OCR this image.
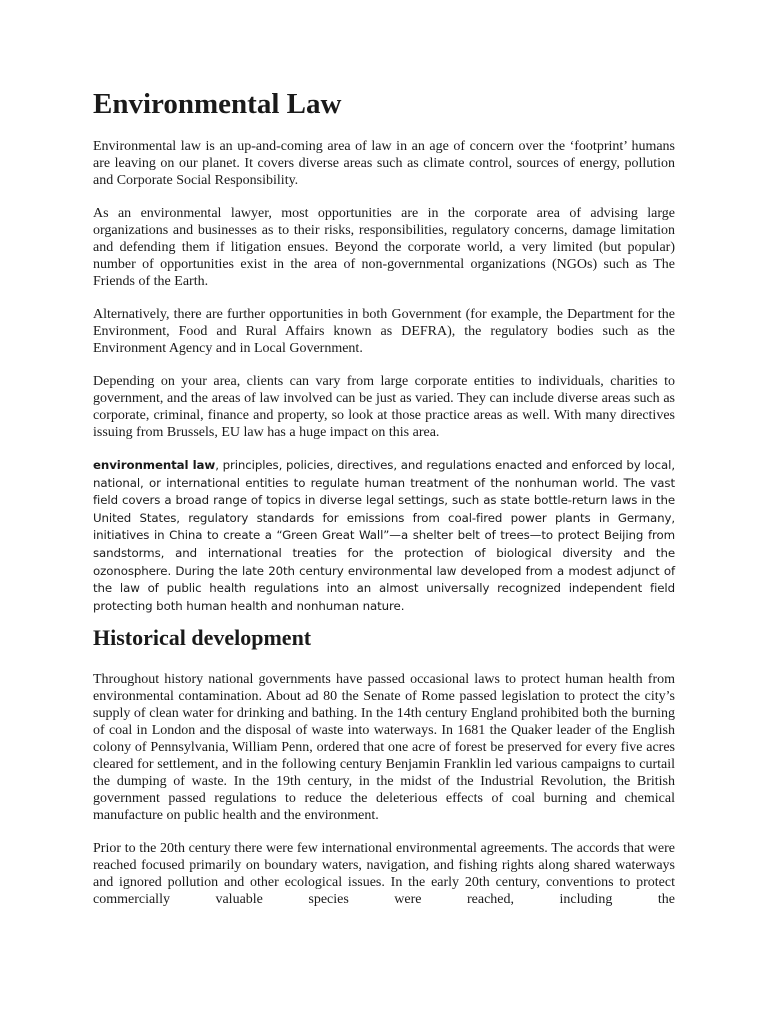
Environmental Law

Environmental law is an up-and-coming area of law in an age of concern over the ‘footprint’ humans are leaving on our planet. It covers diverse areas such as climate control, sources of energy, pollution and Corporate Social Responsibility.

As an environmental lawyer, most opportunities are in the corporate area of advising large organizations and businesses as to their risks, responsibilities, regulatory concerns, damage limitation and defending them if litigation ensues. Beyond the corporate world, a very limited (but popular) number of opportunities exist in the area of non-governmental organizations (NGOs) such as The Friends of the Earth.

Alternatively, there are further opportunities in both Government (for example, the Department for the Environment, Food and Rural Affairs known as DEFRA), the regulatory bodies such as the Environment Agency and in Local Government.

Depending on your area, clients can vary from large corporate entities to individuals, charities to government, and the areas of law involved can be just as varied. They can include diverse areas such as corporate, criminal, finance and property, so look at those practice areas as well. With many directives issuing from Brussels, EU law has a huge impact on this area.

environmental law, principles, policies, directives, and regulations enacted and enforced by local, national, or international entities to regulate human treatment of the nonhuman world. The vast field covers a broad range of topics in diverse legal settings, such as state bottle-return laws in the United States, regulatory standards for emissions from coal-fired power plants in Germany, initiatives in China to create a “Green Great Wall”—a shelter belt of trees—to protect Beijing from sandstorms, and international treaties for the protection of biological diversity and the ozonosphere. During the late 20th century environmental law developed from a modest adjunct of the law of public health regulations into an almost universally recognized independent field protecting both human health and nonhuman nature.

Historical development

Throughout history national governments have passed occasional laws to protect human health from environmental contamination. About ad 80 the Senate of Rome passed legislation to protect the city’s supply of clean water for drinking and bathing. In the 14th century England prohibited both the burning of coal in London and the disposal of waste into waterways. In 1681 the Quaker leader of the English colony of Pennsylvania, William Penn, ordered that one acre of forest be preserved for every five acres cleared for settlement, and in the following century Benjamin Franklin led various campaigns to curtail the dumping of waste. In the 19th century, in the midst of the Industrial Revolution, the British government passed regulations to reduce the deleterious effects of coal burning and chemical manufacture on public health and the environment.

Prior to the 20th century there were few international environmental agreements. The accords that were reached focused primarily on boundary waters, navigation, and fishing rights along shared waterways and ignored pollution and other ecological issues. In the early 20th century, conventions to protect commercially valuable species were reached, including the
